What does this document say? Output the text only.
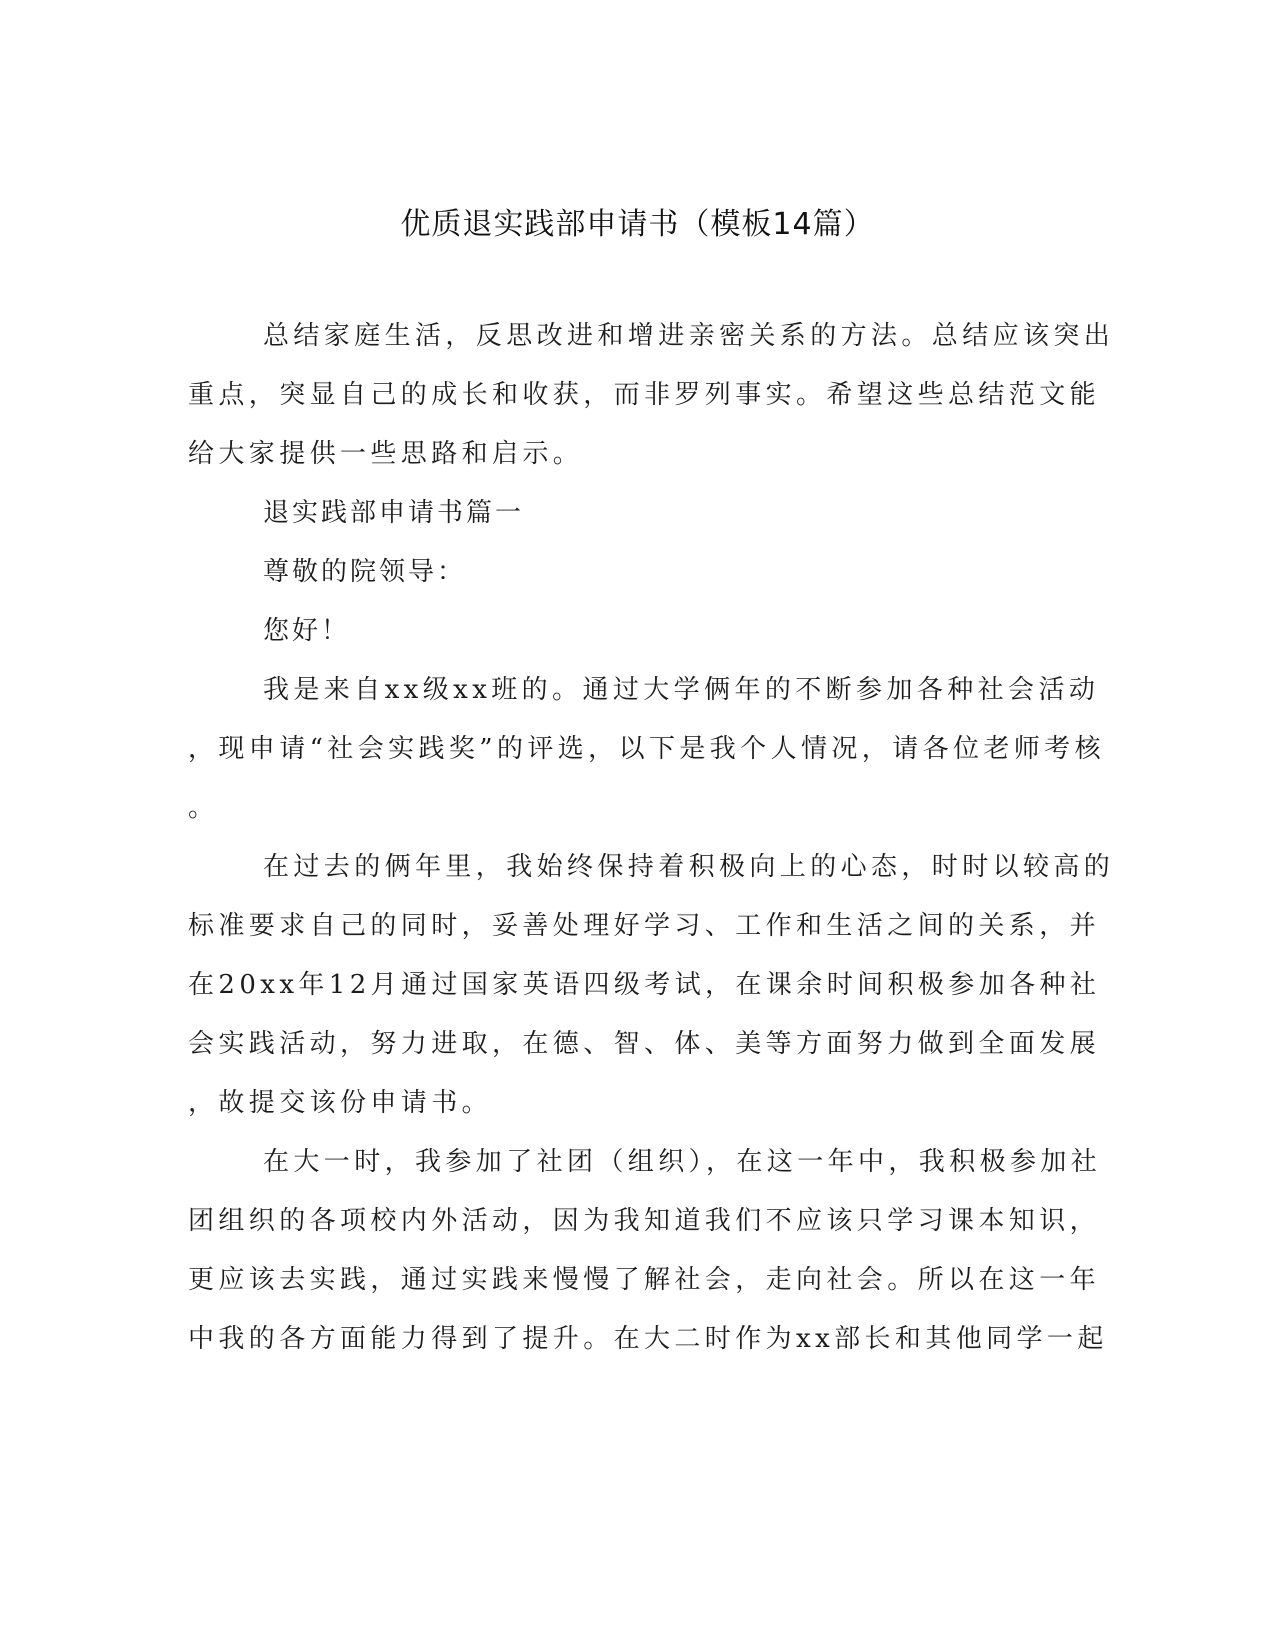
优质退实践部申请书（模板14篇）
总结家庭生活，反思改进和增进亲密关系的方法。总结应该突出
重点，突显自己的成长和收获，而非罗列事实。希望这些总结范文能
给大家提供一些思路和启示。
退实践部申请书篇一
尊敬的院领导：
您好！
我是来自xx级xx班的。通过大学俩年的不断参加各种社会活动
，现申请“社会实践奖”的评选，以下是我个人情况，请各位老师考核
。
在过去的俩年里，我始终保持着积极向上的心态，时时以较高的
标准要求自己的同时，妥善处理好学习、工作和生活之间的关系，并
在20xx年12月通过国家英语四级考试，在课余时间积极参加各种社
会实践活动，努力进取，在德、智、体、美等方面努力做到全面发展
，故提交该份申请书。
在大一时，我参加了社团（组织），在这一年中，我积极参加社
团组织的各项校内外活动，因为我知道我们不应该只学习课本知识，
更应该去实践，通过实践来慢慢了解社会，走向社会。所以在这一年
中我的各方面能力得到了提升。在大二时作为xx部长和其他同学一起
